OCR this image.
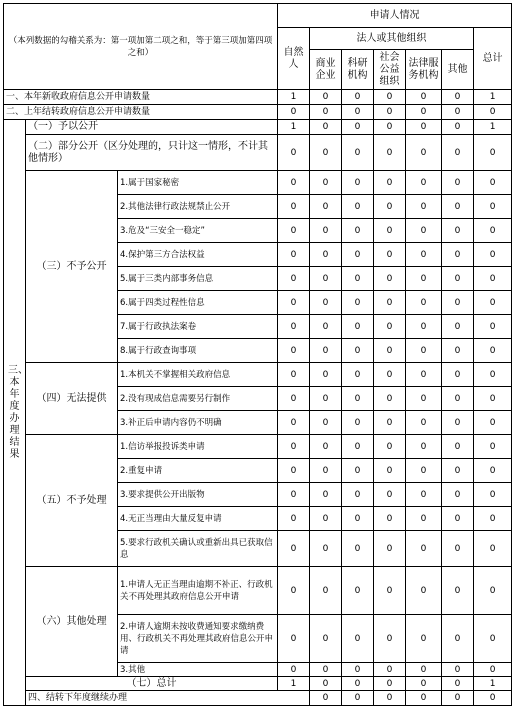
（本列数据的勾稽关系为：第一项加第二项之和，等于第三项加第四项之和）			申请人情况							
			自然人	法人或其他组织					总计	
				商业企业	科研机构	社会公益组织	法律服务机构	其他		
一、本年新收政府信息公开申请数量			1	0	0	0	0	0	1	
二、上年结转政府信息公开申请数量			0	0	0	0	0	0	0	
三、本年度办理结果	（一）予以公开		1	0	0	0	0	0	1	
	（二）部分公开（区分处理的，只计这一情形，不计其他情形）		0	0	0	0	0	0	0	
	（三）不予公开	1.属于国家秘密	0	0	0	0	0	0	0	
		2.其他法律行政法规禁止公开	0	0	0	0	0	0	0	
		3.危及“三安全一稳定”	0	0	0	0	0	0	0	
		4.保护第三方合法权益	0	0	0	0	0	0	0	
		5.属于三类内部事务信息	0	0	0	0	0	0	0	
		6.属于四类过程性信息	0	0	0	0	0	0	0	
		7.属于行政执法案卷	0	0	0	0	0	0	0	
		8.属于行政查询事项	0	0	0	0	0	0	0	
	（四）无法提供	1.本机关不掌握相关政府信息	0	0	0	0	0	0	0	
		2.没有现成信息需要另行制作	0	0	0	0	0	0	0	
		3.补正后申请内容仍不明确	0	0	0	0	0	0	0	
	（五）不予处理	1.信访举报投诉类申请	0	0	0	0	0	0	0	
		2.重复申请	0	0	0	0	0	0	0	
		3.要求提供公开出版物	0	0	0	0	0	0	0	
		4.无正当理由大量反复申请	0	0	0	0	0	0	0	
		5.要求行政机关确认或重新出具已获取信息	0	0	0	0	0	0	0	
	（六）其他处理	1.申请人无正当理由逾期不补正、行政机关不再处理其政府信息公开申请	0	0	0	0	0	0	0	
		2.申请人逾期未按收费通知要求缴纳费用、行政机关不再处理其政府信息公开申请	0	0	0	0	0	0	0	
		3.其他	0	0	0	0	0	0	0	
	（七）总计		1	0	0	0	0	0	1	
	四、结转下年度继续办理			0	0	0	0	0	0	
